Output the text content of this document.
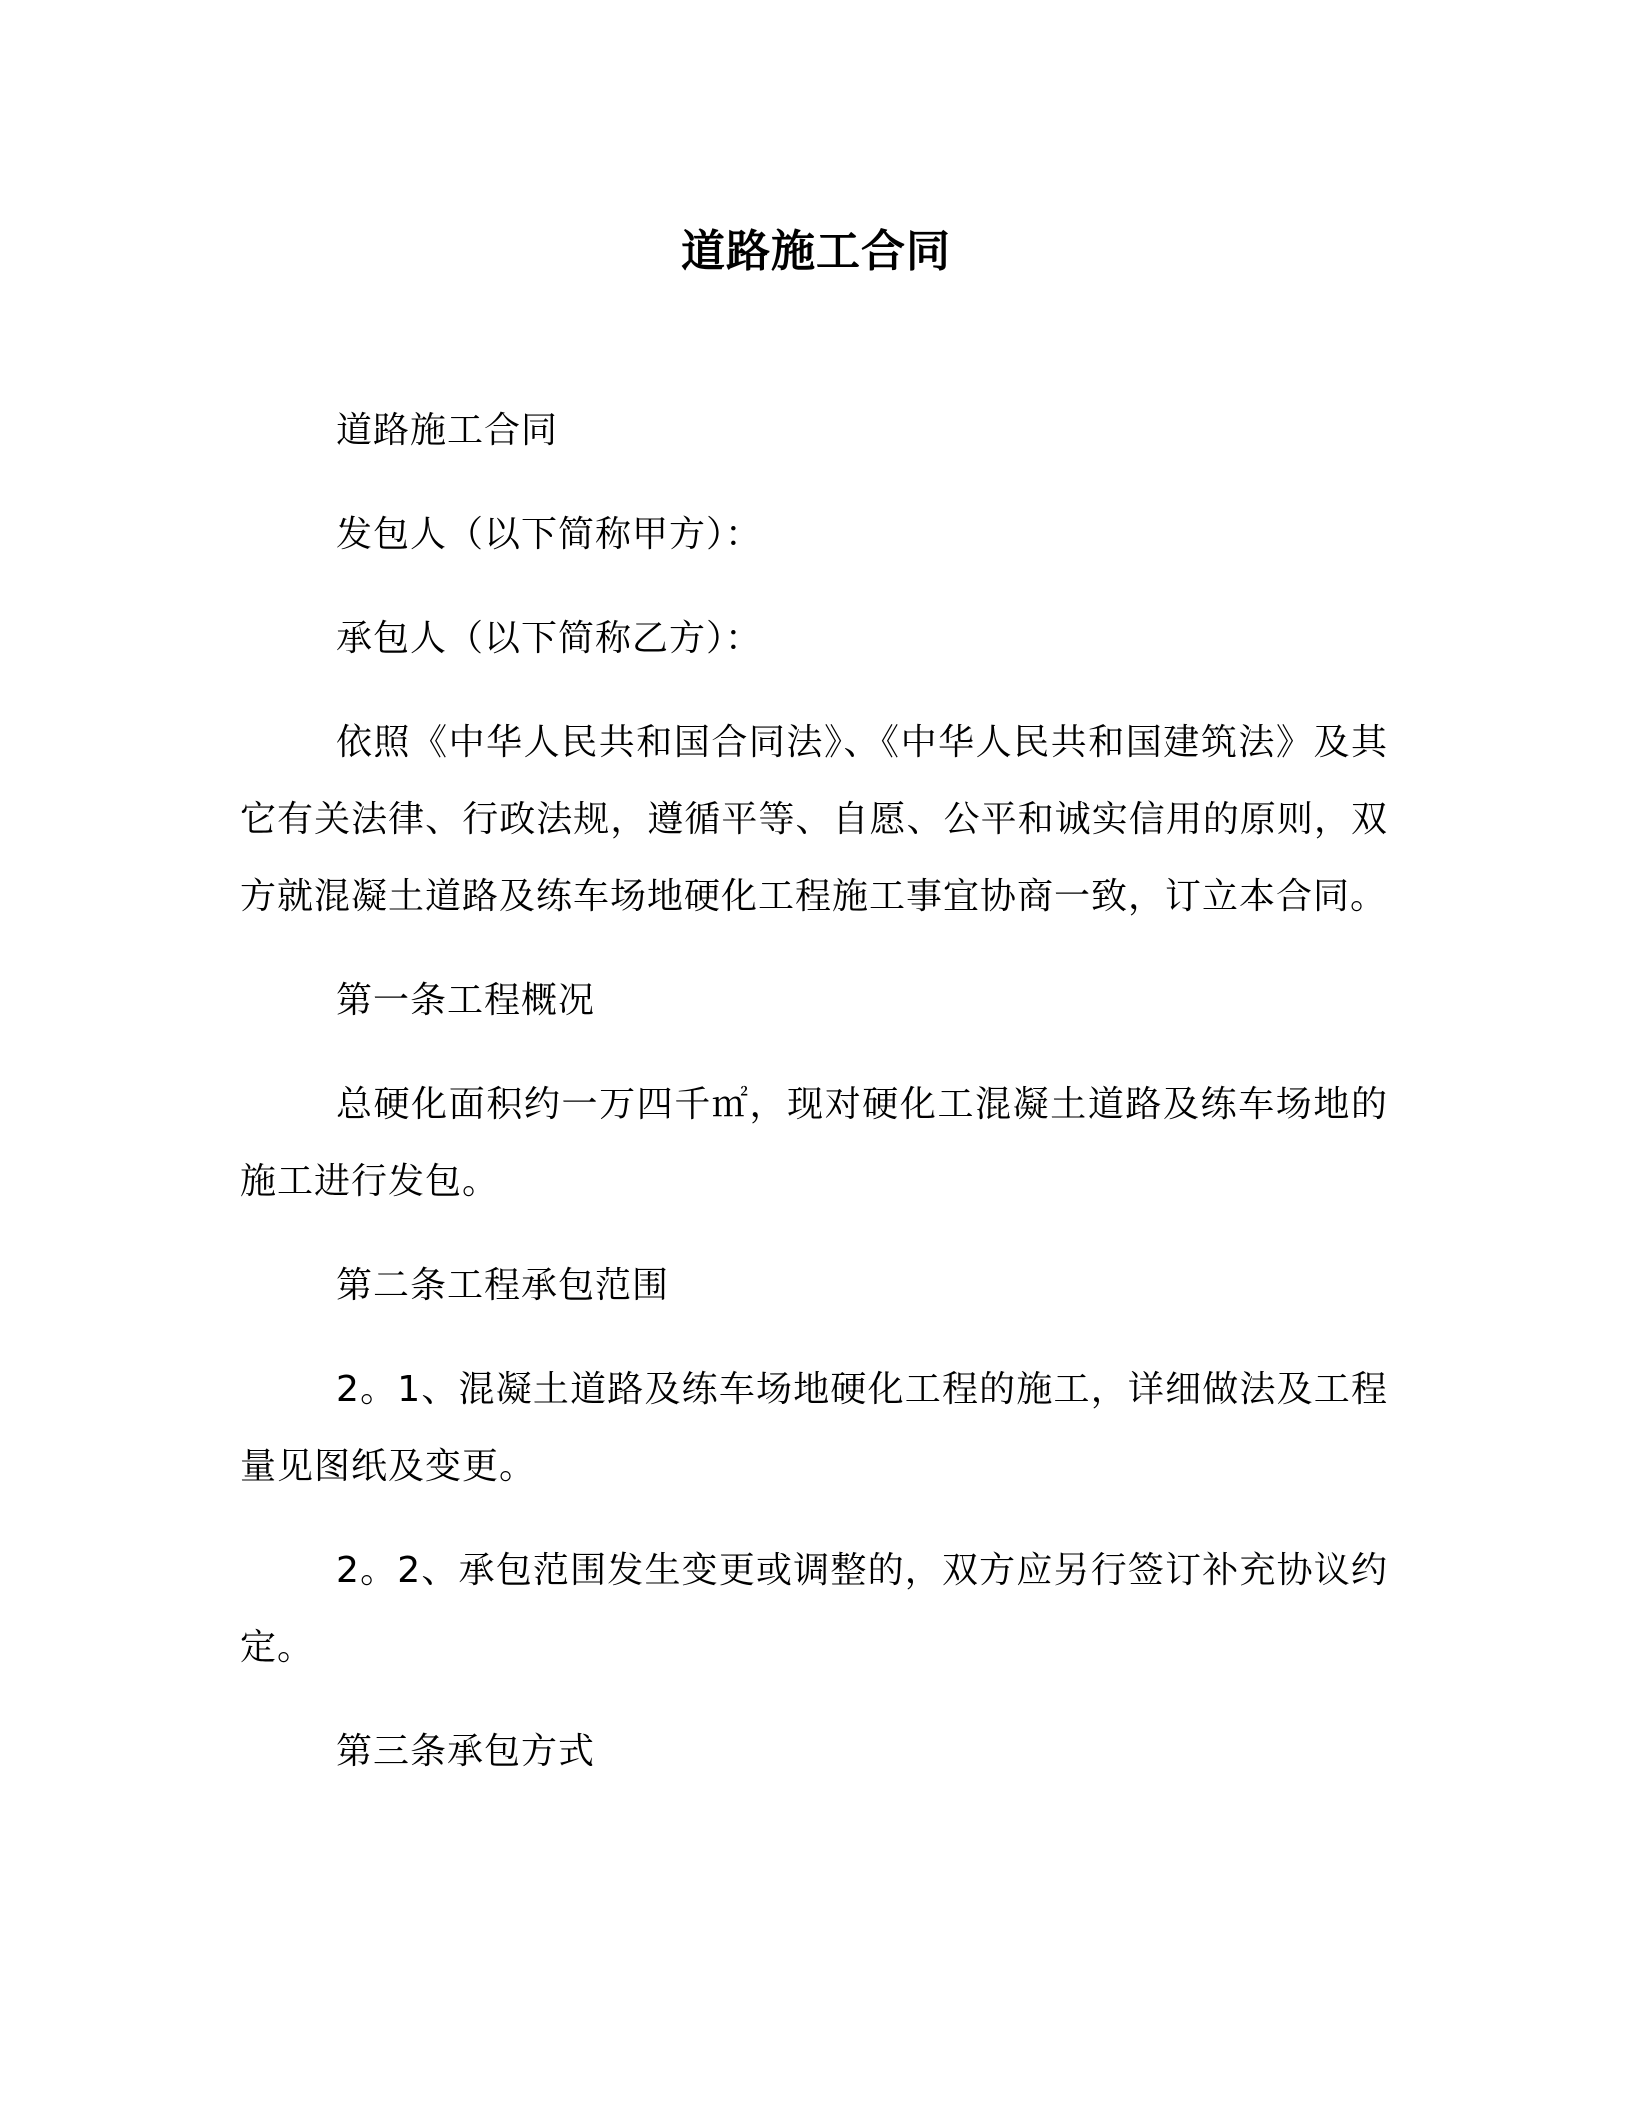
道路施工合同

道路施工合同

发包人（以下简称甲方）：

承包人（以下简称乙方）：

依照《中华人民共和国合同法》、《中华人民共和国建筑法》及其它有关法律、行政法规，遵循平等、自愿、公平和诚实信用的原则，双方就混凝土道路及练车场地硬化工程施工事宜协商一致，订立本合同。

第一条工程概况

总硬化面积约一万四千㎡，现对硬化工混凝土道路及练车场地的施工进行发包。

第二条工程承包范围

2。1、混凝土道路及练车场地硬化工程的施工，详细做法及工程量见图纸及变更。

2。2、承包范围发生变更或调整的，双方应另行签订补充协议约定。

第三条承包方式
